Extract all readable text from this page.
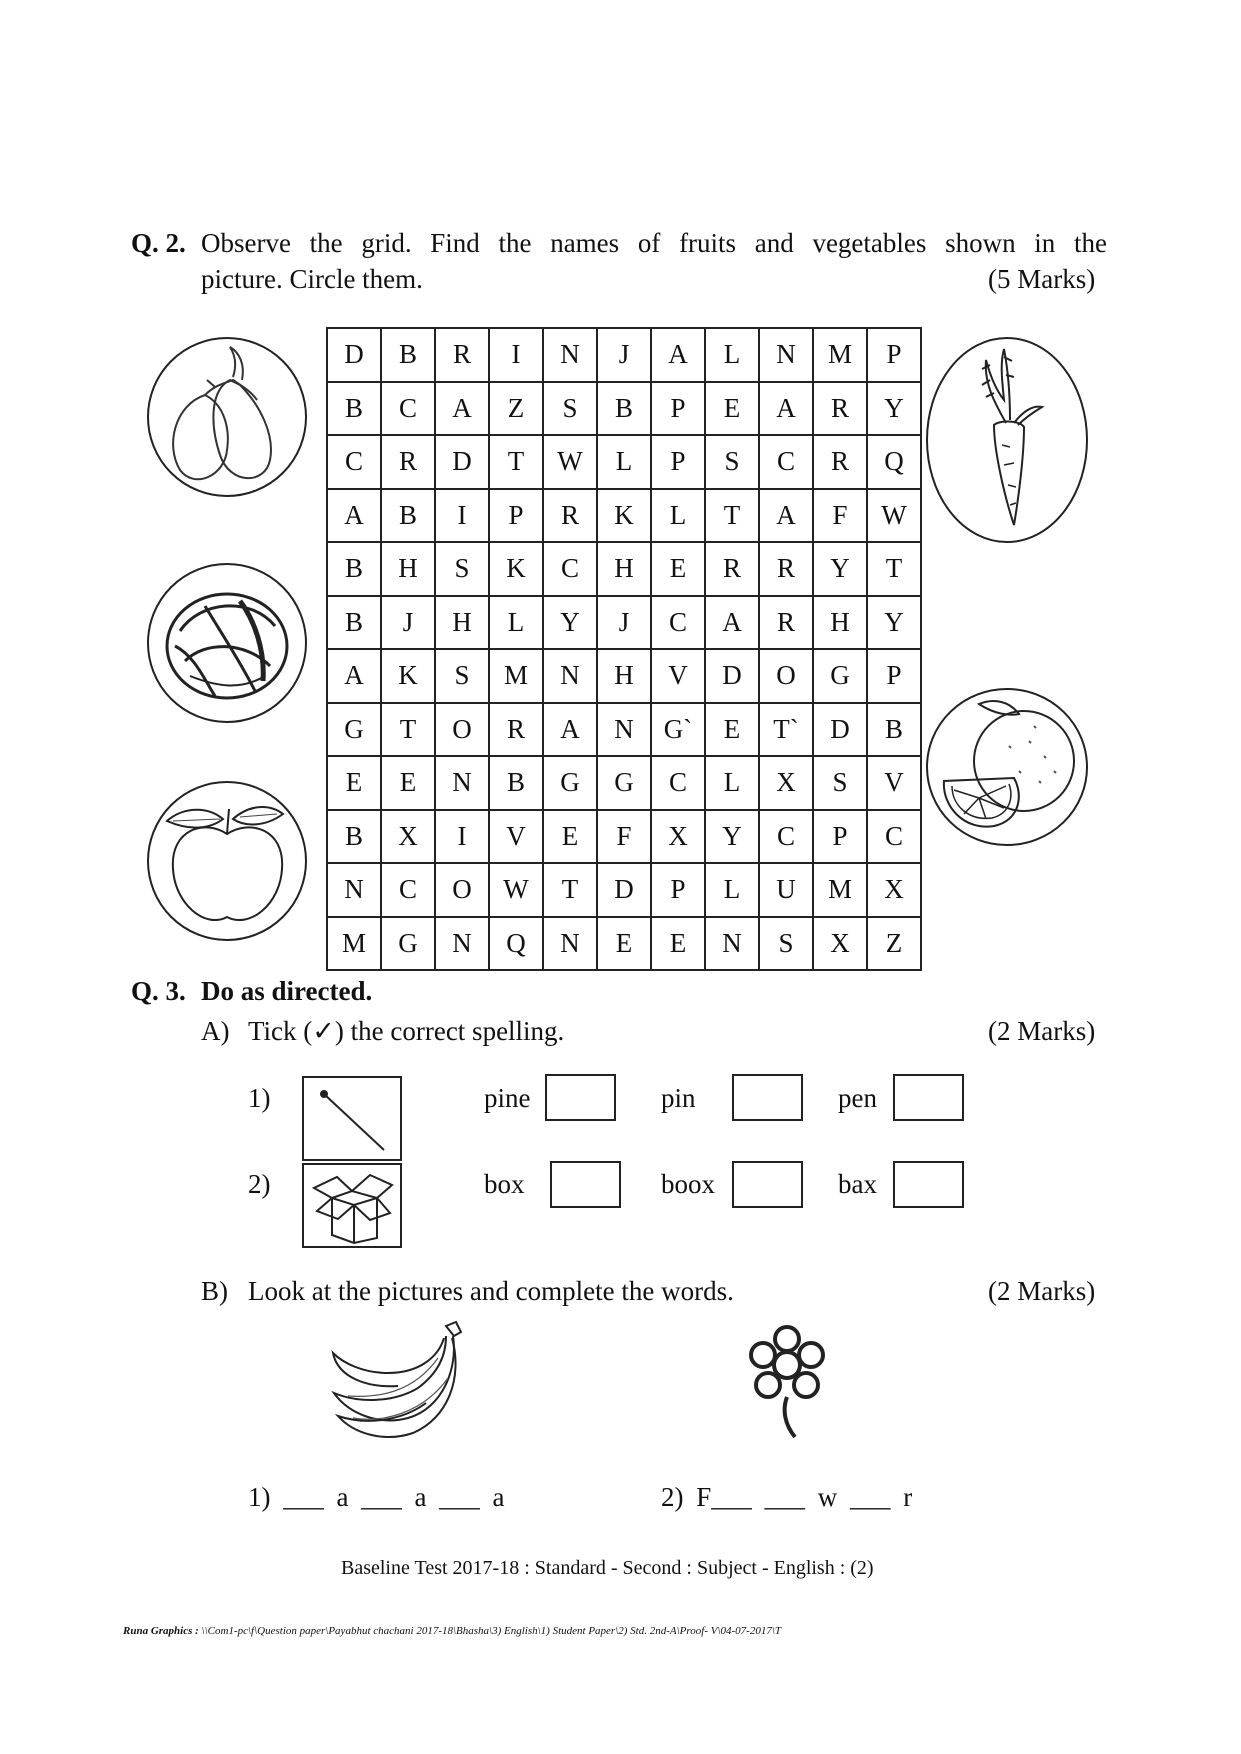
Q. 2. Observe the grid. Find the names of fruits and vegetables shown in the
picture. Circle them.	(5 Marks)
D	B	R	I	N	J	A	L	N	M	P
B	C	A	Z	S	B	P	E	A	R	Y
C	R	D	T	W	L	P	S	C	R	Q
A	B	I	P	R	K	L	T	A	F	W
B	H	S	K	C	H	E	R	R	Y	T
B	J	H	L	Y	J	C	A	R	H	Y
A	K	S	M	N	H	V	D	O	G	P
G	T	O	R	A	N	G`	E	T`	D	B
E	E	N	B	G	G	C	L	X	S	V
B	X	I	V	E	F	X	Y	C	P	C
N	C	O	W	T	D	P	L	U	M	X
M	G	N	Q	N	E	E	N	S	X	Z
Q. 3. Do as directed.
A) Tick (✓) the correct spelling.	(2 Marks)
1)	pine	pin	pen
2)	box	boox	bax
B) Look at the pictures and complete the words.	(2 Marks)
1) ___ a ___ a ___ a	2) F___ ___ w ___ r
Baseline Test 2017-18 : Standard - Second : Subject - English : (2)
Runa Graphics : \\Com1-pc\f\Question paper\Payabhut chachani 2017-18\Bhasha\3) English\1) Student Paper\2) Std. 2nd-A\Proof- V\04-07-2017\T
